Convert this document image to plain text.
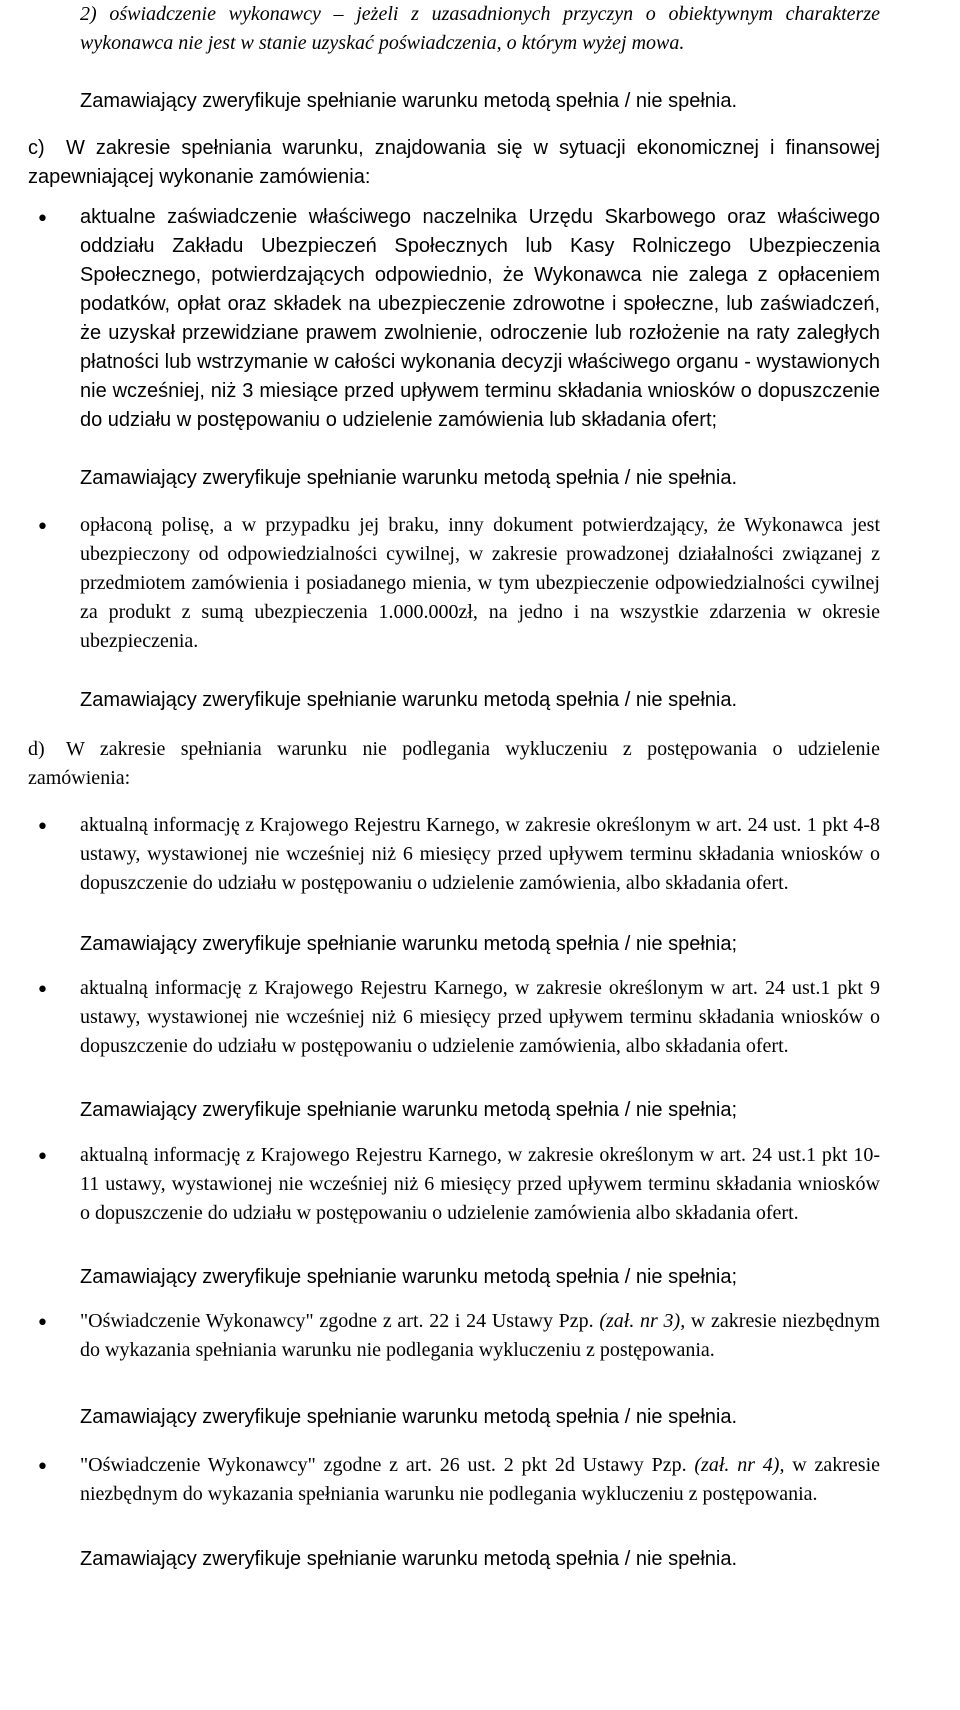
2) oświadczenie wykonawcy – jeżeli z uzasadnionych przyczyn o obiektywnym charakterze wykonawca nie jest w stanie uzyskać poświadczenia, o którym wyżej mowa.

Zamawiający zweryfikuje spełnianie warunku metodą spełnia / nie spełnia.
c) W zakresie spełniania warunku, znajdowania się w sytuacji ekonomicznej i finansowej zapewniającej wykonanie zamówienia:
•

aktualne zaświadczenie właściwego naczelnika Urzędu Skarbowego oraz właściwego oddziału Zakładu Ubezpieczeń Społecznych lub Kasy Rolniczego Ubezpieczenia Społecznego, potwierdzających odpowiednio, że Wykonawca nie zalega z opłaceniem podatków, opłat oraz składek na ubezpieczenie zdrowotne i społeczne, lub zaświadczeń, że uzyskał przewidziane prawem zwolnienie, odroczenie lub rozłożenie na raty zaległych płatności lub wstrzymanie w całości wykonania decyzji właściwego organu - wystawionych nie wcześniej, niż 3 miesiące przed upływem terminu składania wniosków o dopuszczenie do udziału w postępowaniu o udzielenie zamówienia lub składania ofert;

Zamawiający zweryfikuje spełnianie warunku metodą spełnia / nie spełnia.
•

opłaconą polisę, a w przypadku jej braku, inny dokument potwierdzający, że Wykonawca jest ubezpieczony od odpowiedzialności cywilnej, w zakresie prowadzonej działalności związanej z przedmiotem zamówienia i posiadanego mienia, w tym ubezpieczenie odpowiedzialności cywilnej za produkt z sumą ubezpieczenia 1.000.000zł, na jedno i na wszystkie zdarzenia w okresie ubezpieczenia.

Zamawiający zweryfikuje spełnianie warunku metodą spełnia / nie spełnia.
d) W zakresie spełniania warunku nie podlegania wykluczeniu z postępowania o udzielenie zamówienia:
•

aktualną informację z Krajowego Rejestru Karnego, w zakresie określonym w art. 24 ust. 1 pkt 4-8 ustawy, wystawionej nie wcześniej niż 6 miesięcy przed upływem terminu składania wniosków o dopuszczenie do udziału w postępowaniu o udzielenie zamówienia, albo składania ofert.

Zamawiający zweryfikuje spełnianie warunku metodą spełnia / nie spełnia;
•

aktualną informację z Krajowego Rejestru Karnego, w zakresie określonym w art. 24 ust.1 pkt 9 ustawy, wystawionej nie wcześniej niż 6 miesięcy przed upływem terminu składania wniosków o dopuszczenie do udziału w postępowaniu o udzielenie zamówienia, albo składania ofert.

Zamawiający zweryfikuje spełnianie warunku metodą spełnia / nie spełnia;
•

aktualną informację z Krajowego Rejestru Karnego, w zakresie określonym w art. 24 ust.1 pkt 10-11 ustawy, wystawionej nie wcześniej niż 6 miesięcy przed upływem terminu składania wniosków o dopuszczenie do udziału w postępowaniu o udzielenie zamówienia albo składania ofert.

Zamawiający zweryfikuje spełnianie warunku metodą spełnia / nie spełnia;
•

"Oświadczenie Wykonawcy" zgodne z art. 22 i 24 Ustawy Pzp. (zał. nr 3), w zakresie niezbędnym do wykazania spełniania warunku nie podlegania wykluczeniu z postępowania.

Zamawiający zweryfikuje spełnianie warunku metodą spełnia / nie spełnia.
•

"Oświadczenie Wykonawcy" zgodne z art. 26 ust. 2 pkt 2d Ustawy Pzp. (zał. nr 4), w zakresie niezbędnym do wykazania spełniania warunku nie podlegania wykluczeniu z postępowania.

Zamawiający zweryfikuje spełnianie warunku metodą spełnia / nie spełnia.
